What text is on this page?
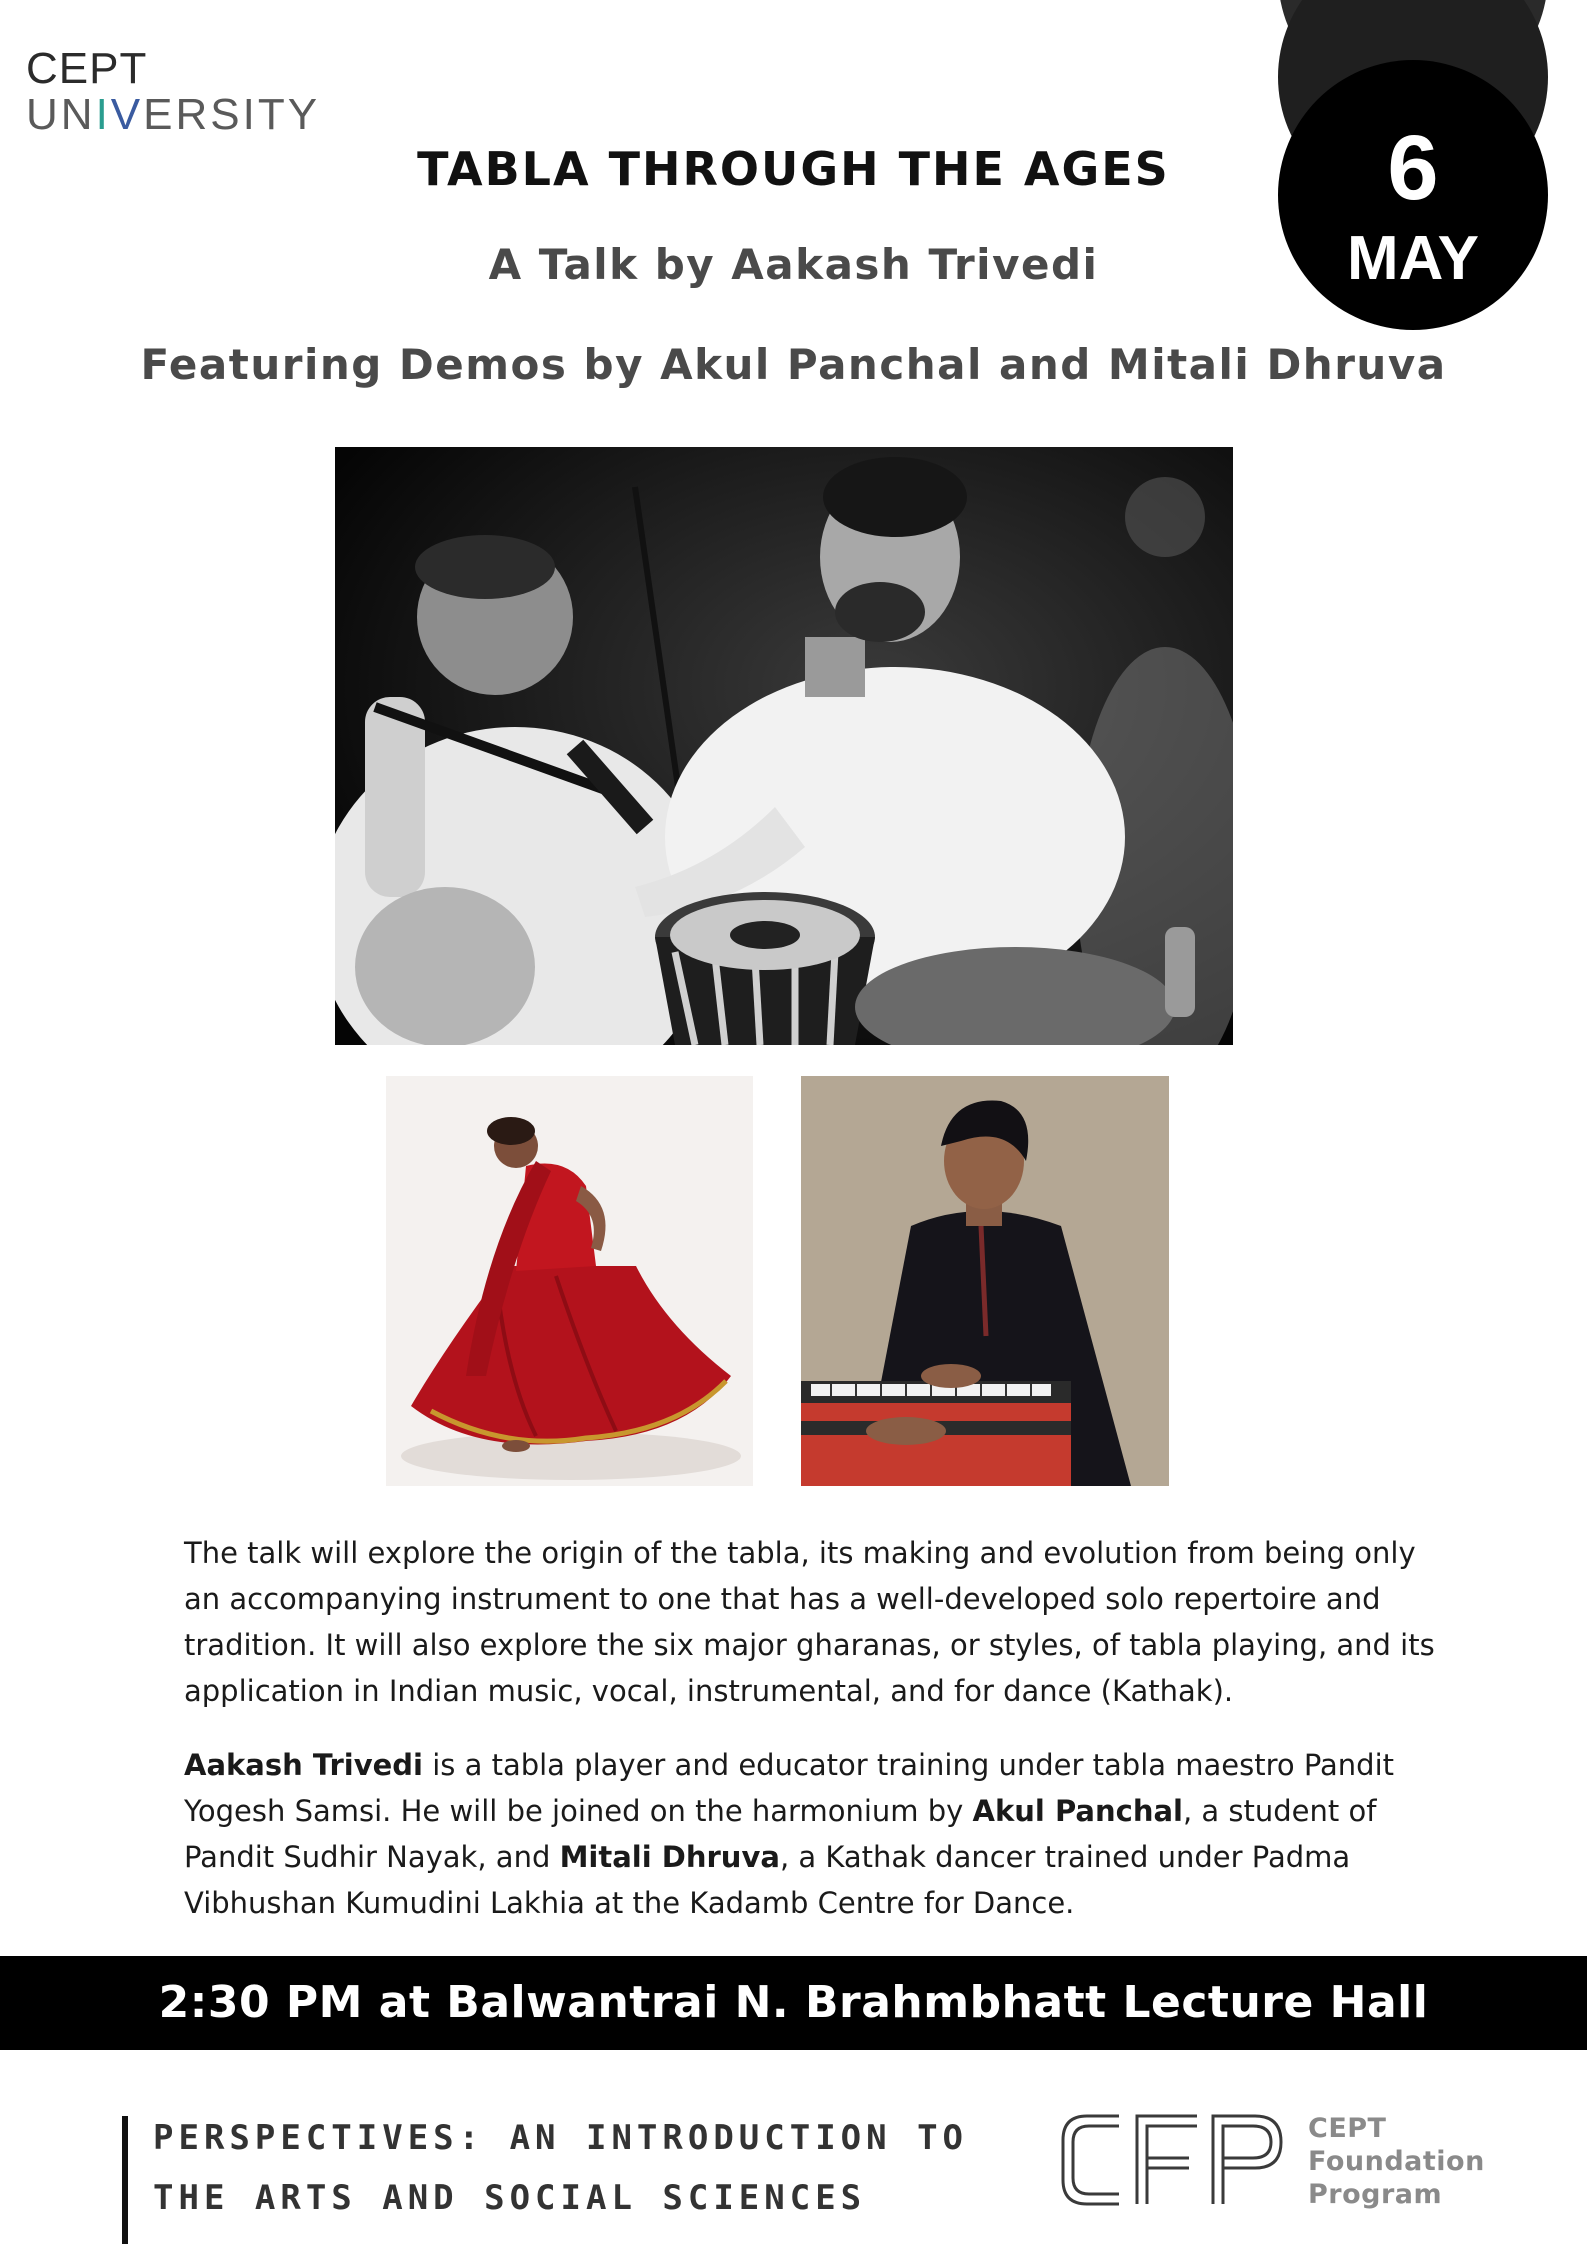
CEPT
UNIVERSITY
6
MAY
TABLA THROUGH THE AGES
A Talk by Aakash Trivedi
Featuring Demos by Akul Panchal and Mitali Dhruva
The talk will explore the origin of the tabla, its making and evolution from being only an accompanying instrument to one that has a well-developed solo repertoire and tradition. It will also explore the six major gharanas, or styles, of tabla playing, and its application in Indian music, vocal, instrumental, and for dance (Kathak).
Aakash Trivedi is a tabla player and educator training under tabla maestro Pandit Yogesh Samsi. He will be joined on the harmonium by Akul Panchal, a student of Pandit Sudhir Nayak, and Mitali Dhruva, a Kathak dancer trained under Padma Vibhushan Kumudini Lakhia at the Kadamb Centre for Dance.
2:30 PM at Balwantrai N. Brahmbhatt Lecture Hall
PERSPECTIVES: AN INTRODUCTION TO
THE ARTS AND SOCIAL SCIENCES
CEPT
Foundation
Program
